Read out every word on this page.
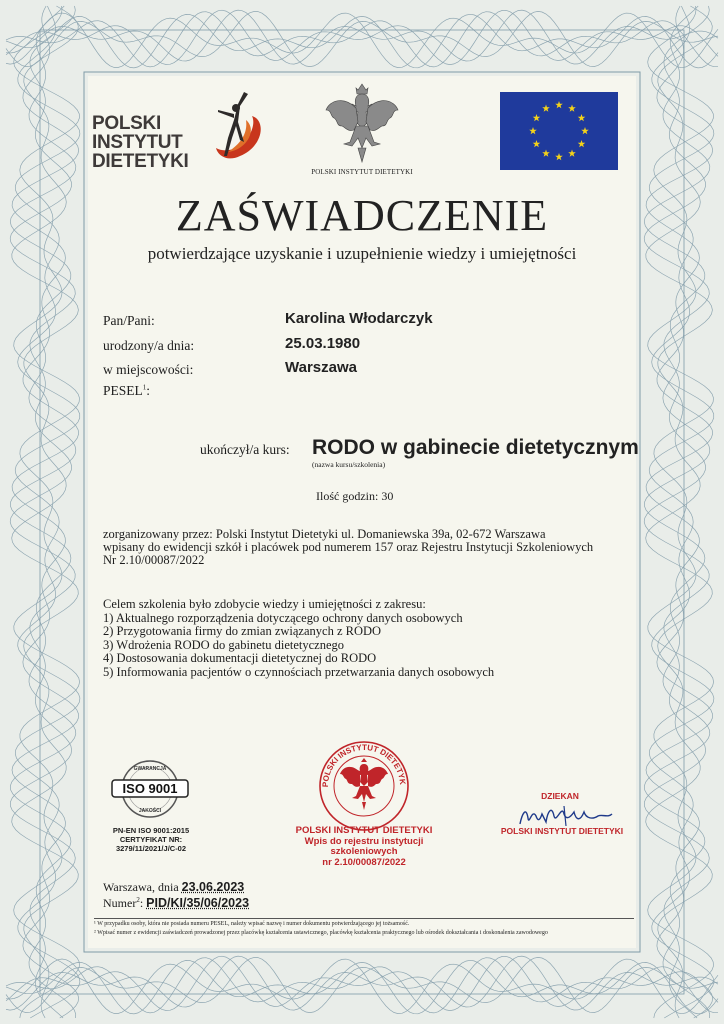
POLSKI
INSTYTUT
DIETETYKI	POLSKI INSTYTUT DIETETYKI
ZAŚWIADCZENIE
potwierdzające uzyskanie i uzupełnienie wiedzy i umiejętności
Pan/Pani:	Karolina Włodarczyk
urodzony/a dnia:	25.03.1980
w miejscowości:	Warszawa
PESEL$^1$:
ukończył/a kurs: RODO w gabinecie dietetycznym
(nazwa kursu/szkolenia)
Ilość godzin: 30
zorganizowany przez: Polski Instytut Dietetyki ul. Domaniewska 39a, 02-672 Warszawa
wpisany do ewidencji szkół i placówek pod numerem 157 oraz Rejestru Instytucji Szkoleniowych
Nr 2.10/00087/2022
Celem szkolenia było zdobycie wiedzy i umiejętności z zakresu:
1) Aktualnego rozporządzenia dotyczącego ochrony danych osobowych
2) Przygotowania firmy do zmian związanych z RODO
3) Wdrożenia RODO do gabinetu dietetycznego
4) Dostosowania dokumentacji dietetycznej do RODO
5) Informowania pacjentów o czynnościach przetwarzania danych osobowych
GWARANCJA
ISO 9001
JAKOŚCI
PN-EN ISO 9001:2015
CERTYFIKAT NR:
3279/11/2021/J/C-02
POLSKI INSTYTUT DIETETYK
POLSKI INSTYTUT DIETETYKI
Wpis do rejestru instytucji
szkoleniowych
nr 2.10/00087/2022
DZIEKAN
POLSKI INSTYTUT DIETETYKI
Warszawa, dnia 23.06.2023
Numer$^2$: PID/KI/35/06/2023
¹ W przypadku osoby, która nie posiada numeru PESEL, należy wpisać nazwę i numer dokumentu potwierdzającego jej tożsamość.
² Wpisać numer z ewidencji zaświadczeń prowadzonej przez placówkę kształcenia ustawicznego, placówkę kształcenia praktycznego lub ośrodek dokształcania i doskonalenia zawodowego
